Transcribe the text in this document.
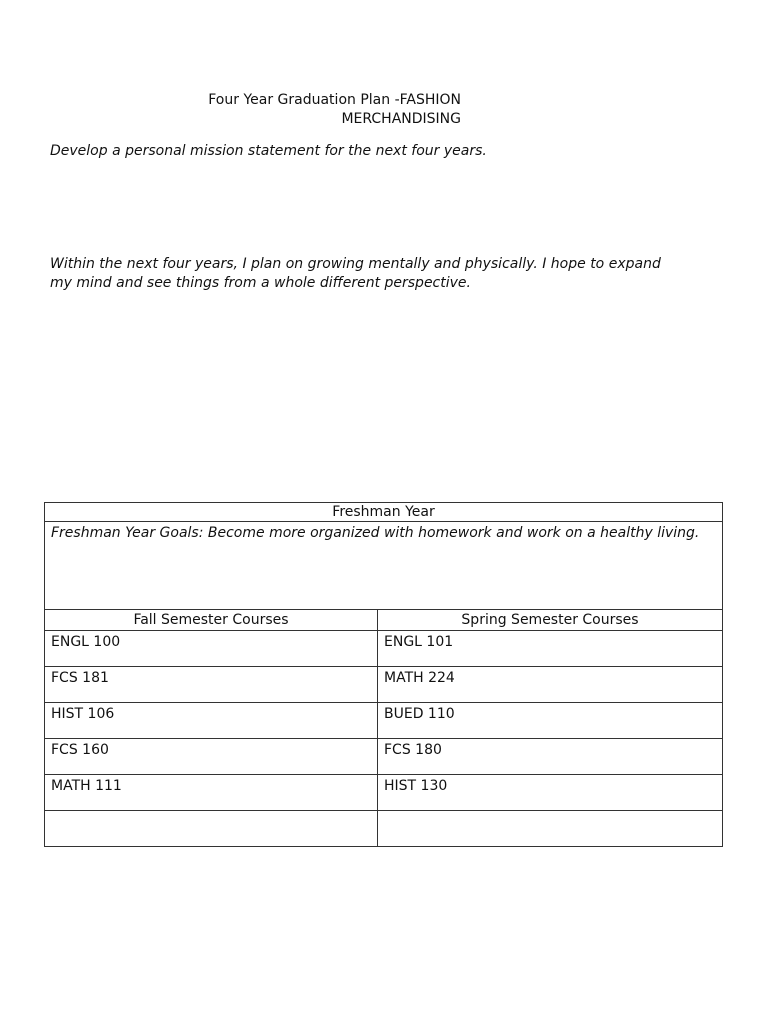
Four Year Graduation Plan -FASHION
MERCHANDISING
Develop a personal mission statement for the next four years.
Within the next four years, I plan on growing mentally and physically. I hope to expand
my mind and see things from a whole different perspective.
Freshman Year	
Freshman Year Goals: Become more organized with homework and work on a healthy living.	
Fall Semester Courses	Spring Semester Courses
ENGL 100	ENGL 101
FCS 181	MATH 224
HIST 106	BUED 110
FCS 160	FCS 180
MATH 111	HIST 130
